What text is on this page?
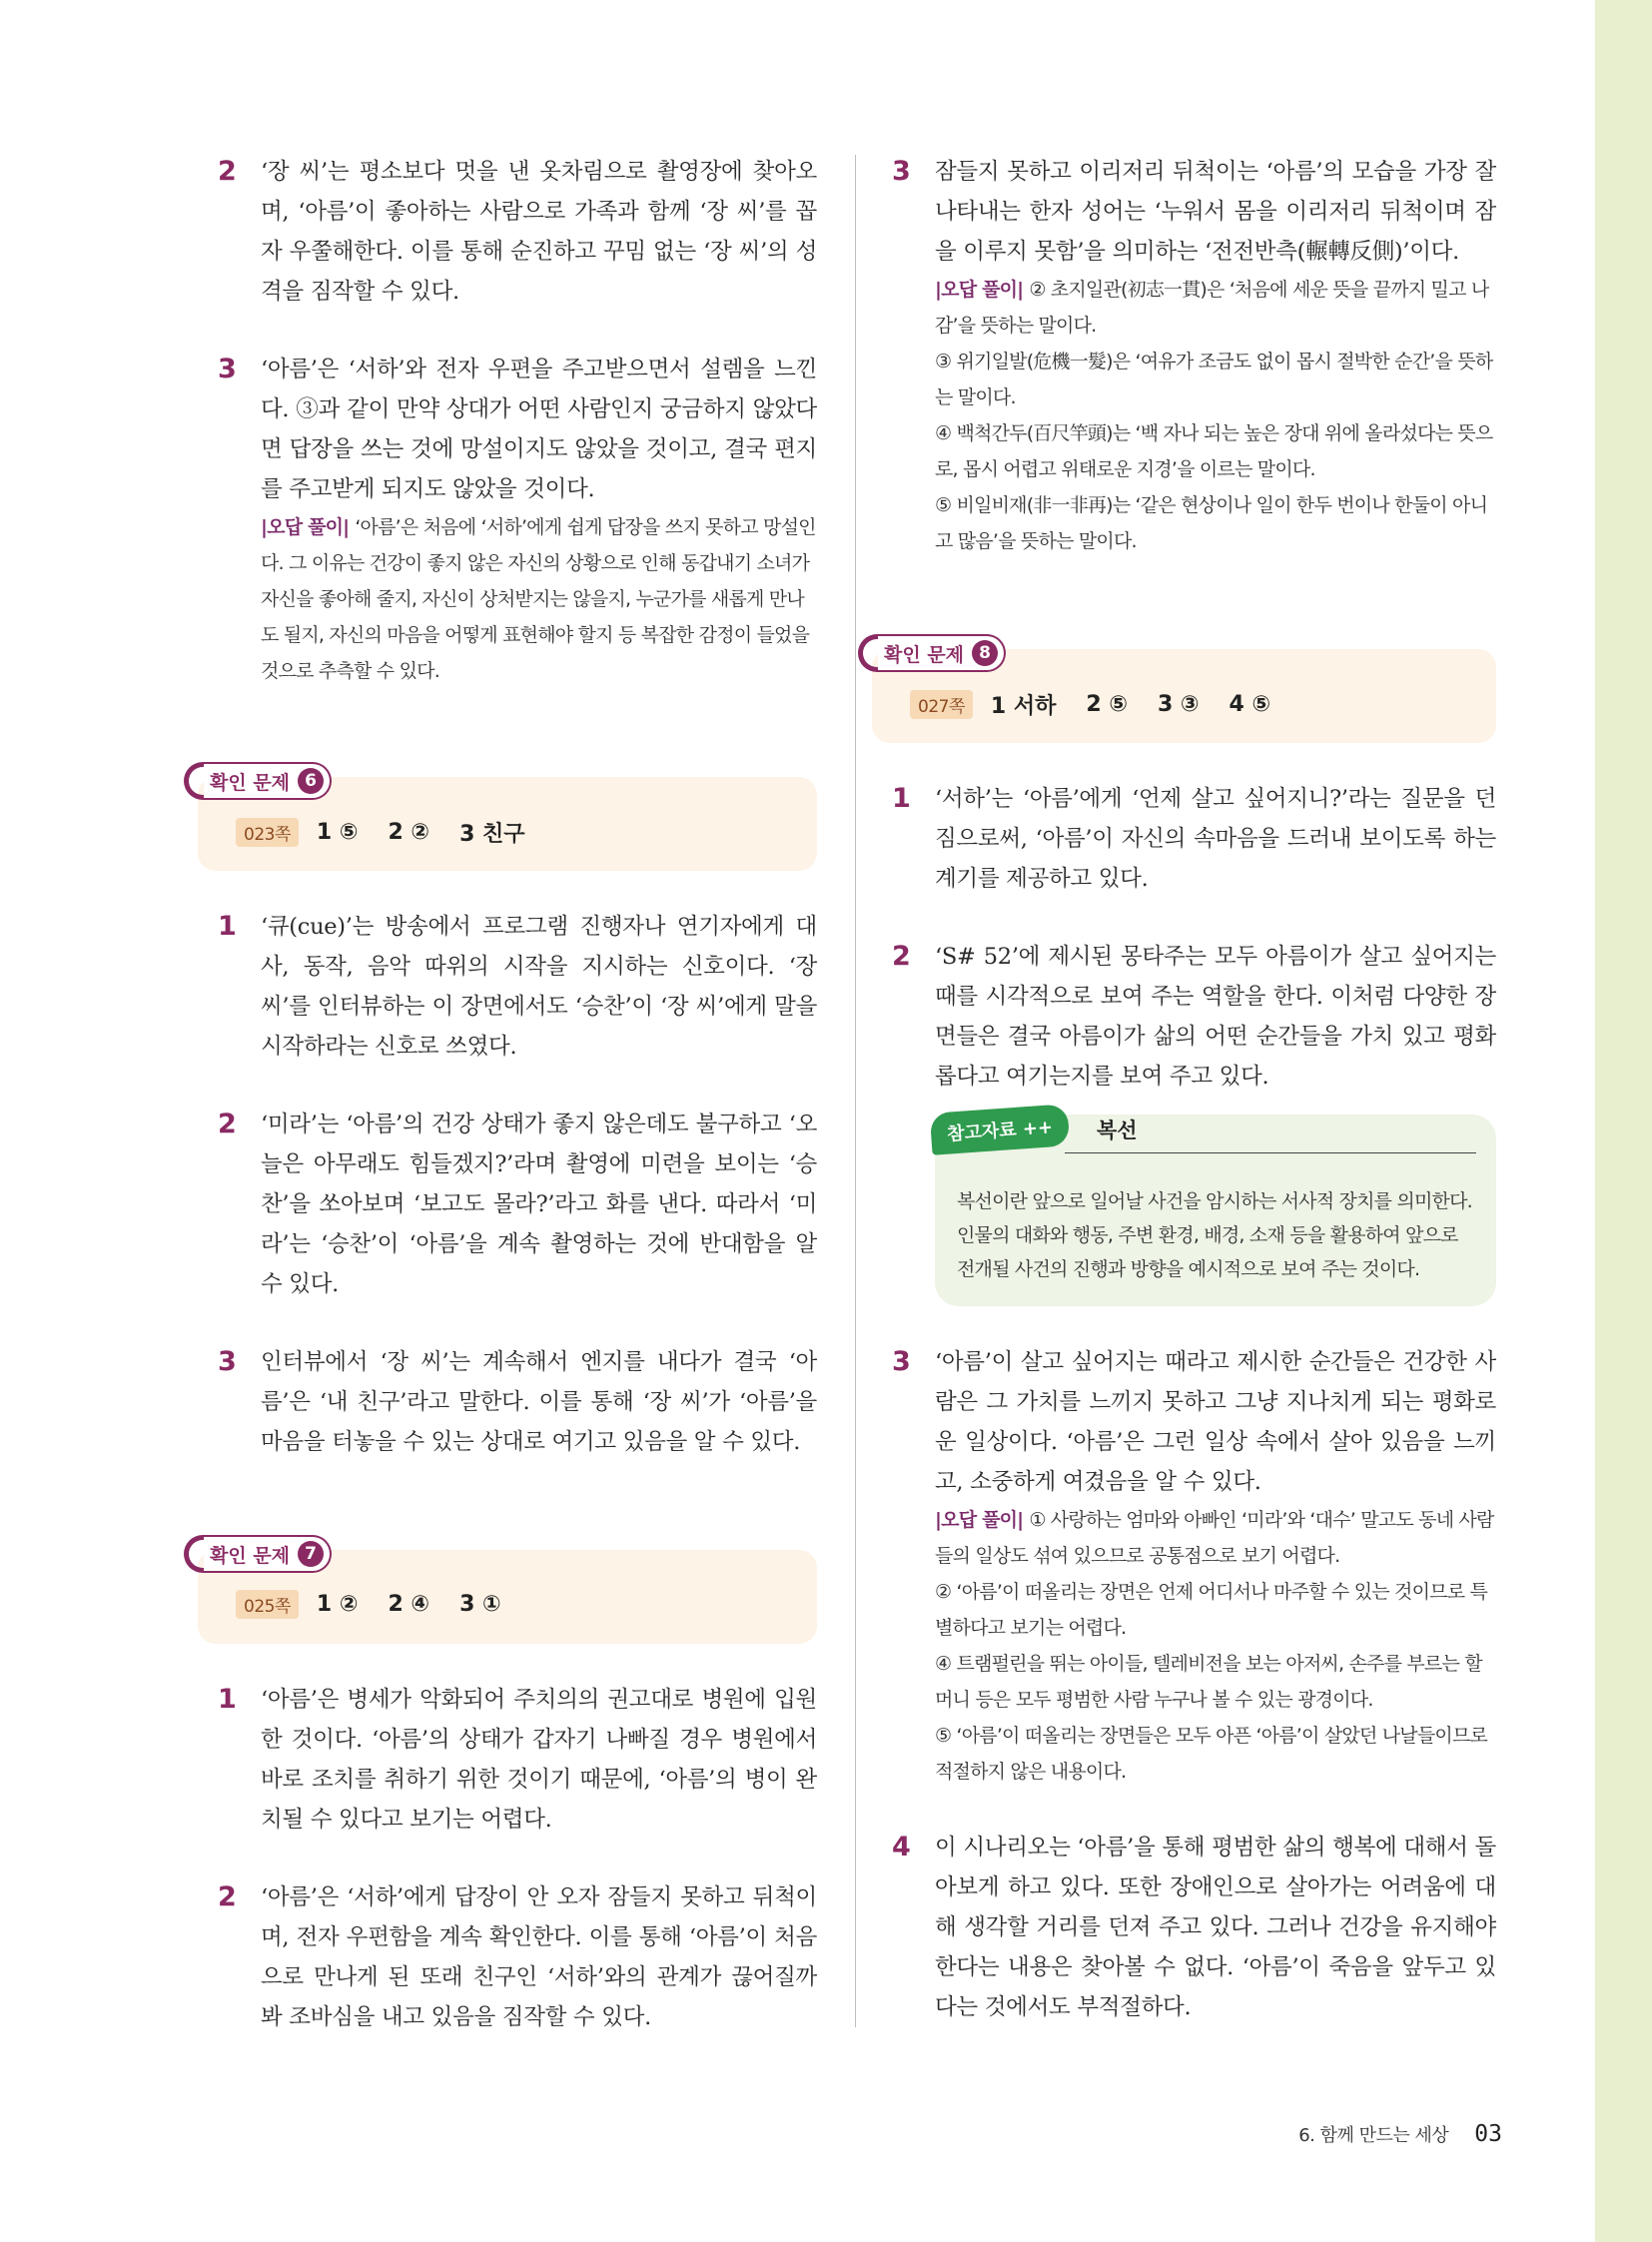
2 ‘장 씨’는 평소보다 멋을 낸 옷차림으로 촬영장에 찾아오며, ‘아름’이 좋아하는 사람으로 가족과 함께 ‘장 씨’를 꼽자 우쭐해한다. 이를 통해 순진하고 꾸밈 없는 ‘장 씨’의 성격을 짐작할 수 있다.

3 ‘아름’은 ‘서하’와 전자 우편을 주고받으면서 설렘을 느낀다. ③과 같이 만약 상대가 어떤 사람인지 궁금하지 않았다면 답장을 쓰는 것에 망설이지도 않았을 것이고, 결국 편지를 주고받게 되지도 않았을 것이다.

|오답 풀이| ‘아름’은 처음에 ‘서하’에게 쉽게 답장을 쓰지 못하고 망설인다. 그 이유는 건강이 좋지 않은 자신의 상황으로 인해 동갑내기 소녀가 자신을 좋아해 줄지, 자신이 상처받지는 않을지, 누군가를 새롭게 만나도 될지, 자신의 마음을 어떻게 표현해야 할지 등 복잡한 감정이 들었을 것으로 추측할 수 있다.

확인 문제 6
023쪽	1 ⑤ 2 ② 3 친구
1 ‘큐(cue)’는 방송에서 프로그램 진행자나 연기자에게 대사, 동작, 음악 따위의 시작을 지시하는 신호이다. ‘장 씨’를 인터뷰하는 이 장면에서도 ‘승찬’이 ‘장 씨’에게 말을 시작하라는 신호로 쓰였다.

2 ‘미라’는 ‘아름’의 건강 상태가 좋지 않은데도 불구하고 ‘오늘은 아무래도 힘들겠지?’라며 촬영에 미련을 보이는 ‘승찬’을 쏘아보며 ‘보고도 몰라?’라고 화를 낸다. 따라서 ‘미라’는 ‘승찬’이 ‘아름’을 계속 촬영하는 것에 반대함을 알 수 있다.

3 인터뷰에서 ‘장 씨’는 계속해서 엔지를 내다가 결국 ‘아름’은 ‘내 친구’라고 말한다. 이를 통해 ‘장 씨’가 ‘아름’을 마음을 터놓을 수 있는 상대로 여기고 있음을 알 수 있다.

확인 문제 7
025쪽	1 ② 2 ④ 3 ①
1 ‘아름’은 병세가 악화되어 주치의의 권고대로 병원에 입원한 것이다. ‘아름’의 상태가 갑자기 나빠질 경우 병원에서 바로 조치를 취하기 위한 것이기 때문에, ‘아름’의 병이 완치될 수 있다고 보기는 어렵다.

2 ‘아름’은 ‘서하’에게 답장이 안 오자 잠들지 못하고 뒤척이며, 전자 우편함을 계속 확인한다. 이를 통해 ‘아름’이 처음으로 만나게 된 또래 친구인 ‘서하’와의 관계가 끊어질까 봐 조바심을 내고 있음을 짐작할 수 있다.

3 잠들지 못하고 이리저리 뒤척이는 ‘아름’의 모습을 가장 잘 나타내는 한자 성어는 ‘누워서 몸을 이리저리 뒤척이며 잠을 이루지 못함’을 의미하는 ‘전전반측(輾轉反側)’이다.

|오답 풀이| ② 초지일관(初志一貫)은 ‘처음에 세운 뜻을 끝까지 밀고 나감’을 뜻하는 말이다.

③ 위기일발(危機一髮)은 ‘여유가 조금도 없이 몹시 절박한 순간’을 뜻하는 말이다.

④ 백척간두(百尺竿頭)는 ‘백 자나 되는 높은 장대 위에 올라섰다는 뜻으로, 몹시 어렵고 위태로운 지경’을 이르는 말이다.

⑤ 비일비재(非一非再)는 ‘같은 현상이나 일이 한두 번이나 한둘이 아니고 많음’을 뜻하는 말이다.

확인 문제 8
027쪽	1 서하 2 ⑤ 3 ③ 4 ⑤
1 ‘서하’는 ‘아름’에게 ‘언제 살고 싶어지니?’라는 질문을 던짐으로써, ‘아름’이 자신의 속마음을 드러내 보이도록 하는 계기를 제공하고 있다.

2 ‘S# 52’에 제시된 몽타주는 모두 아름이가 살고 싶어지는 때를 시각적으로 보여 주는 역할을 한다. 이처럼 다양한 장면들은 결국 아름이가 삶의 어떤 순간들을 가치 있고 평화롭다고 여기는지를 보여 주고 있다.

참고자료 ++	복선

복선이란 앞으로 일어날 사건을 암시하는 서사적 장치를 의미한다. 인물의 대화와 행동, 주변 환경, 배경, 소재 등을 활용하여 앞으로 전개될 사건의 진행과 방향을 예시적으로 보여 주는 것이다.

3 ‘아름’이 살고 싶어지는 때라고 제시한 순간들은 건강한 사람은 그 가치를 느끼지 못하고 그냥 지나치게 되는 평화로운 일상이다. ‘아름’은 그런 일상 속에서 살아 있음을 느끼고, 소중하게 여겼음을 알 수 있다.

|오답 풀이| ① 사랑하는 엄마와 아빠인 ‘미라’와 ‘대수’ 말고도 동네 사람들의 일상도 섞여 있으므로 공통점으로 보기 어렵다.

② ‘아름’이 떠올리는 장면은 언제 어디서나 마주할 수 있는 것이므로 특별하다고 보기는 어렵다.

④ 트램펄린을 뛰는 아이들, 텔레비전을 보는 아저씨, 손주를 부르는 할머니 등은 모두 평범한 사람 누구나 볼 수 있는 광경이다.

⑤ ‘아름’이 떠올리는 장면들은 모두 아픈 ‘아름’이 살았던 나날들이므로 적절하지 않은 내용이다.

4 이 시나리오는 ‘아름’을 통해 평범한 삶의 행복에 대해서 돌아보게 하고 있다. 또한 장애인으로 살아가는 어려움에 대해 생각할 거리를 던져 주고 있다. 그러나 건강을 유지해야 한다는 내용은 찾아볼 수 없다. ‘아름’이 죽음을 앞두고 있다는 것에서도 부적절하다.

6. 함께 만드는 세상 03
